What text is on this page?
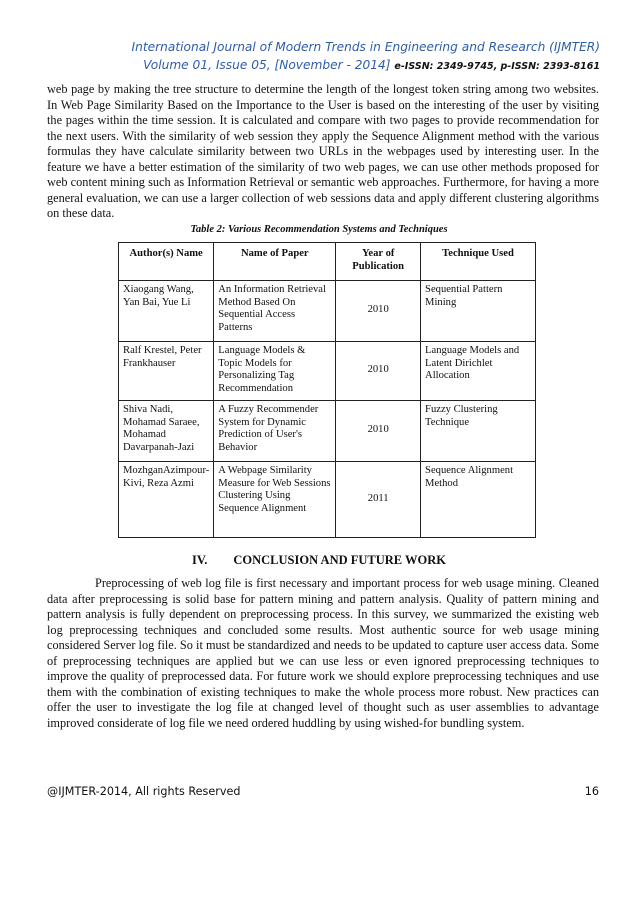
International Journal of Modern Trends in Engineering and Research (IJMTER)
Volume 01, Issue 05, [November - 2014] e-ISSN: 2349-9745, p-ISSN: 2393-8161

web page by making the tree structure to determine the length of the longest token string among two websites. In Web Page Similarity Based on the Importance to the User is based on the interesting of the user by visiting the pages within the time session. It is calculated and compare with two pages to provide recommendation for the next users. With the similarity of web session they apply the Sequence Alignment method with the various formulas they have calculate similarity between two URLs in the webpages used by interesting user. In the feature we have a better estimation of the similarity of two web pages, we can use other methods proposed for web content mining such as Information Retrieval or semantic web approaches. Furthermore, for having a more general evaluation, we can use a larger collection of web sessions data and apply different clustering algorithms on these data.

Table 2: Various Recommendation Systems and Techniques
Author(s) Name	Name of Paper	Year of Publication	Technique Used
Xiaogang Wang, Yan Bai, Yue Li	An Information Retrieval Method Based On Sequential Access Patterns	2010	Sequential Pattern Mining
Ralf Krestel, Peter Frankhauser	Language Models & Topic Models for Personalizing Tag Recommendation	2010	Language Models and Latent Dirichlet Allocation
Shiva Nadi, Mohamad Saraee, Mohamad Davarpanah-Jazi	A Fuzzy Recommender System for Dynamic Prediction of User's Behavior	2010	Fuzzy Clustering Technique
MozhganAzimpour-Kivi, Reza Azmi	A Webpage Similarity Measure for Web Sessions Clustering Using Sequence Alignment	2011	Sequence Alignment Method
IV. CONCLUSION AND FUTURE WORK

Preprocessing of web log file is first necessary and important process for web usage mining. Cleaned data after preprocessing is solid base for pattern mining and pattern analysis. Quality of pattern mining and pattern analysis is fully dependent on preprocessing process. In this survey, we summarized the existing web log preprocessing techniques and concluded some results. Most authentic source for web usage mining considered Server log file. So it must be standardized and needs to be updated to capture user access data. Some of preprocessing techniques are applied but we can use less or even ignored preprocessing techniques to improve the quality of preprocessed data. For future work we should explore preprocessing techniques and use them with the combination of existing techniques to make the whole process more robust. New practices can offer the user to investigate the log file at changed level of thought such as user assemblies to advantage improved considerate of log file we need ordered huddling by using wished-for bundling system.

@IJMTER-2014, All rights Reserved	16
